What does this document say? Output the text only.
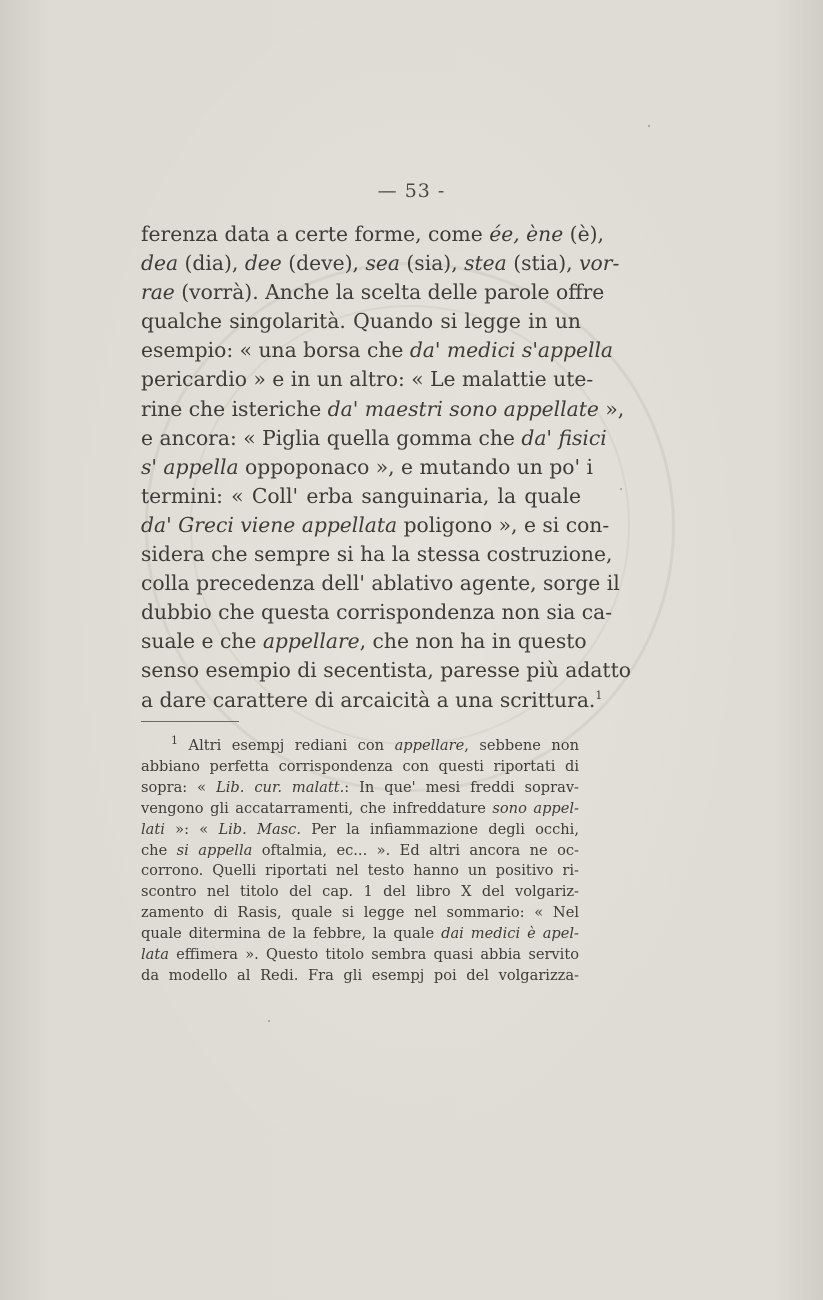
— 53 -
ferenza data a certe forme, come ée, ène (è),
dea (dia), dee (deve), sea (sia), stea (stia), vor-
rae (vorrà). Anche la scelta delle parole offre
qualche singolarità. Quando si legge in un
esempio: « una borsa che da' medici s'appella
pericardio » e in un altro: « Le malattie ute-
rine che isteriche da' maestri sono appellate »,
e ancora: « Piglia quella gomma che da' fisici
s' appella oppoponaco », e mutando un po' i
termini: « Coll' erba sanguinaria, la quale
da' Greci viene appellata poligono », e si con-
sidera che sempre si ha la stessa costruzione,
colla precedenza dell' ablativo agente, sorge il
dubbio che questa corrispondenza non sia ca-
suale e che appellare, che non ha in questo
senso esempio di secentista, paresse più adatto
a dare carattere di arcaicità a una scrittura.$^1$
$^1$ Altri esempj rediani con appellare, sebbene non
abbiano perfetta corrispondenza con questi riportati di
sopra: « Lib. cur. malatt.: In que' mesi freddi soprav-
vengono gli accatarramenti, che infreddature sono appel-
lati »: « Lib. Masc. Per la infiammazione degli occhi,
che si appella oftalmia, ec... ». Ed altri ancora ne oc-
corrono. Quelli riportati nel testo hanno un positivo ri-
scontro nel titolo del cap. 1 del libro X del volgariz-
zamento di Rasis, quale si legge nel sommario: « Nel
quale ditermina de la febbre, la quale dai medici è apel-
lata effimera ». Questo titolo sembra quasi abbia servito
da modello al Redi. Fra gli esempj poi del volgarizza-
